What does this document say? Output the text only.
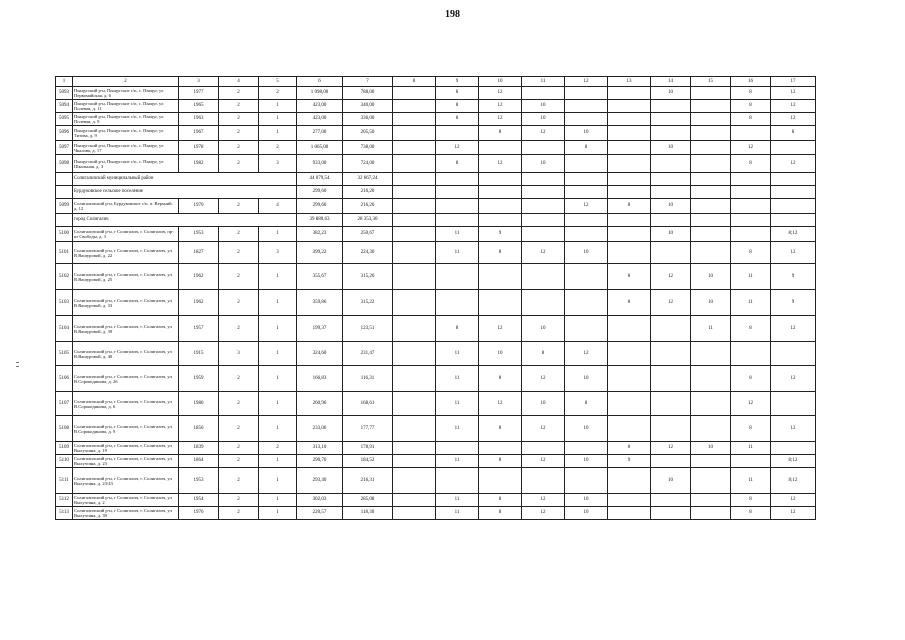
198
1	2	3	4	5	6	7	8	9	10	11	12	13	14	15	16	17
5093	Пыщугский р-н, Пыщугское с/п, с. Пыщуг, ул Первомайская, д. 6	1977	2	2	1 098,00	788,00		8	12				10		8	12
5094	Пыщугский р-н, Пыщугское с/п, с. Пыщуг, ул Полевая, д. 11	1965	2	1	423,00	340,00		8	12	10					8	12
5095	Пыщугский р-н, Пыщугское с/п, с. Пыщуг, ул Полевая, д. 9	1963	2	1	423,00	336,00		8	12	10					8	12
5096	Пыщугский р-н, Пыщугское с/п, с. Пыщуг, ул Титова, д. 9	1967	2	1	277,00	205,50			8	12	10					8
5097	Пыщугский р-н, Пыщугское с/п, с. Пыщуг, ул Чкалова, д. 17	1978	2	2	1 065,00	738,00		12			8		10		12	
5098	Пыщугский р-н, Пыщугское с/п, с. Пыщуг, ул Школьная, д. 3	1982	2	3	933,00	724,00		8	12	10					8	12
	Солигаличский муниципальный район				44 079,54	32 667,24										
	Бурдуковское сельское поселение				299,60	216,20										
5099	Солигаличский р-н, Бурдуковское с/п, п. Верхний, д. 12	1970	2	4	299,60	216,20					12	8	10			
	город Солигалич				39 880,63	28 353,30										
5100	Солигаличский р-н, г Солигалич, г. Солигалич, пр-кт Свободы, д. 3	1953	2	1	382,23	250,67		11	9				10			8;12
5101	Солигаличский р-н, г Солигалич, г. Солигалич, ул В.Вашуровой, д. 22	1827	2	3	399,22	224,30		11	8	12	10				8	12
5102	Солигаличский р-н, г Солигалич, г. Солигалич, ул В.Вашуровой, д. 25	1962	2	1	355,67	315,20						8	12	10	11	9
5103	Солигаличский р-н, г Солигалич, г. Солигалич, ул В.Вашуровой, д. 33	1962	2	1	359,86	315,22						8	12	10	11	9
5104	Солигаличский р-н, г Солигалич, г. Солигалич, ул В.Вашуровой, д. 39	1957	2	1	199,37	123,51		8	12	10				11	8	12
5105	Солигаличский р-н, г Солигалич, г. Солигалич, ул В.Вашуровой, д. 40	1915	3	1	324,60	231,47		11	10	8	12					
5106	Солигаличский р-н, г Солигалич, г. Солигалич, ул В.Сорокодинова, д. 26	1959	2	1	166,83	116,31		11	8	12	10				8	12
5107	Солигаличский р-н, г Солигалич, г. Солигалич, ул В.Сорокодинова, д. 6	1980	2	1	260,96	168,61		11	12	10	8				12	
5108	Солигаличский р-н, г Солигалич, г. Солигалич, ул В.Сорокодинова, д. 9	1856	2	1	233,06	177,77		11	8	12	10				8	12
5109	Солигаличский р-н, г Солигалич, г. Солигалич, ул Вылузгина, д. 19	1839	2	2	313,10	178,91						8	12	10	11	
5110	Солигаличский р-н, г Солигалич, г. Солигалич, ул Вылузгина, д. 23	1864	2	1	290,70	184,52		11	8	12	10	9				8;12
5111	Солигаличский р-н, г Солигалич, г. Солигалич, ул Вылузгина, д. 23/43	1953	2	1	293,40	216,31							10		11	8;12
5112	Солигаличский р-н, г Солигалич, г. Солигалич, ул Вылузгина, д. 2	1954	2	1	302,03	285,08		11	8	12	10				8	12
5113	Солигаличский р-н, г Солигалич, г. Солигалич, ул Вылузгина, д. 39	1976	2	1	220,57	118,30		11	8	12	10				8	12
